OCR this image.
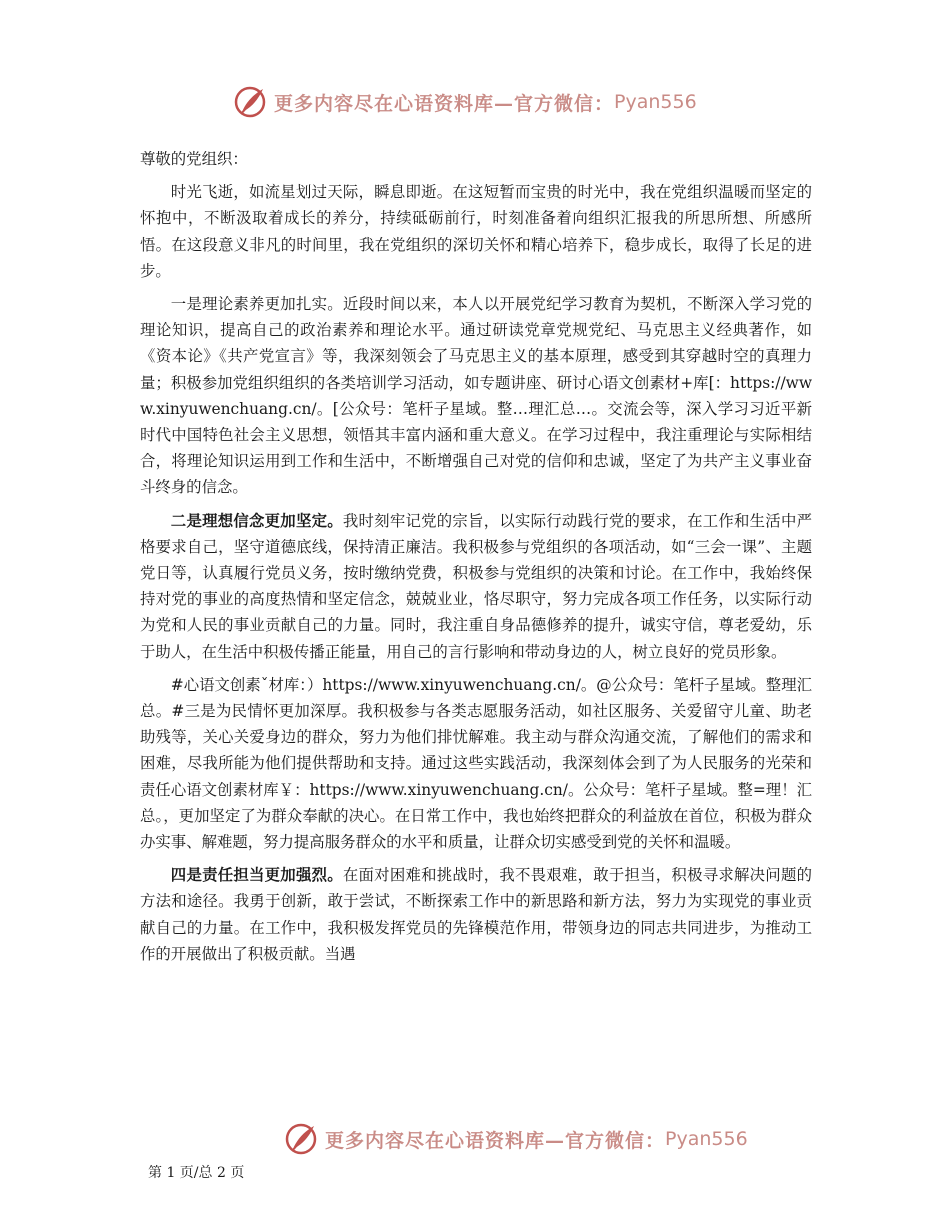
更多内容尽在心语资料库—官方微信： Pyan556

尊敬的党组织：

时光飞逝，如流星划过天际，瞬息即逝。在这短暂而宝贵的时光中，我在党组织温暖而坚定的怀抱中，不断汲取着成长的养分，持续砥砺前行，时刻准备着向组织汇报我的所思所想、所感所悟。在这段意义非凡的时间里，我在党组织的深切关怀和精心培养下，稳步成长，取得了长足的进步。

一是理论素养更加扎实。近段时间以来，本人以开展党纪学习教育为契机，不断深入学习党的理论知识，提高自己的政治素养和理论水平。通过研读党章党规党纪、马克思主义经典著作，如《资本论》《共产党宣言》等，我深刻领会了马克思主义的基本原理，感受到其穿越时空的真理力量；积极参加党组织组织的各类培训学习活动，如专题讲座、研讨心语文创素材+库[：https://www.xinyuwenchuang.cn/。[公众号：笔杆子星域。整…理汇总…。交流会等，深入学习习近平新时代中国特色社会主义思想，领悟其丰富内涵和重大意义。在学习过程中，我注重理论与实际相结合，将理论知识运用到工作和生活中，不断增强自己对党的信仰和忠诚，坚定了为共产主义事业奋斗终身的信念。

二是理想信念更加坚定。我时刻牢记党的宗旨，以实际行动践行党的要求，在工作和生活中严格要求自己，坚守道德底线，保持清正廉洁。我积极参与党组织的各项活动，如“三会一课”、主题党日等，认真履行党员义务，按时缴纳党费，积极参与党组织的决策和讨论。在工作中，我始终保持对党的事业的高度热情和坚定信念，兢兢业业，恪尽职守，努力完成各项工作任务，以实际行动为党和人民的事业贡献自己的力量。同时，我注重自身品德修养的提升，诚实守信，尊老爱幼，乐于助人，在生活中积极传播正能量，用自己的言行影响和带动身边的人，树立良好的党员形象。

#心语文创素ˇ材库：）https://www.xinyuwenchuang.cn/。@公众号：笔杆子星域。整理汇总。#三是为民情怀更加深厚。我积极参与各类志愿服务活动，如社区服务、关爱留守儿童、助老助残等，关心关爱身边的群众，努力为他们排忧解难。我主动与群众沟通交流，了解他们的需求和困难，尽我所能为他们提供帮助和支持。通过这些实践活动，我深刻体会到了为人民服务的光荣和责任心语文创素材库￥：https://www.xinyuwenchuang.cn/。公众号：笔杆子星域。整=理！汇总。，更加坚定了为群众奉献的决心。在日常工作中，我也始终把群众的利益放在首位，积极为群众办实事、解难题，努力提高服务群众的水平和质量，让群众切实感受到党的关怀和温暖。

四是责任担当更加强烈。在面对困难和挑战时，我不畏艰难，敢于担当，积极寻求解决问题的方法和途径。我勇于创新，敢于尝试，不断探索工作中的新思路和新方法，努力为实现党的事业贡献自己的力量。在工作中，我积极发挥党员的先锋模范作用，带领身边的同志共同进步，为推动工作的开展做出了积极贡献。当遇

更多内容尽在心语资料库—官方微信： Pyan556
第 1 页/总 2 页
